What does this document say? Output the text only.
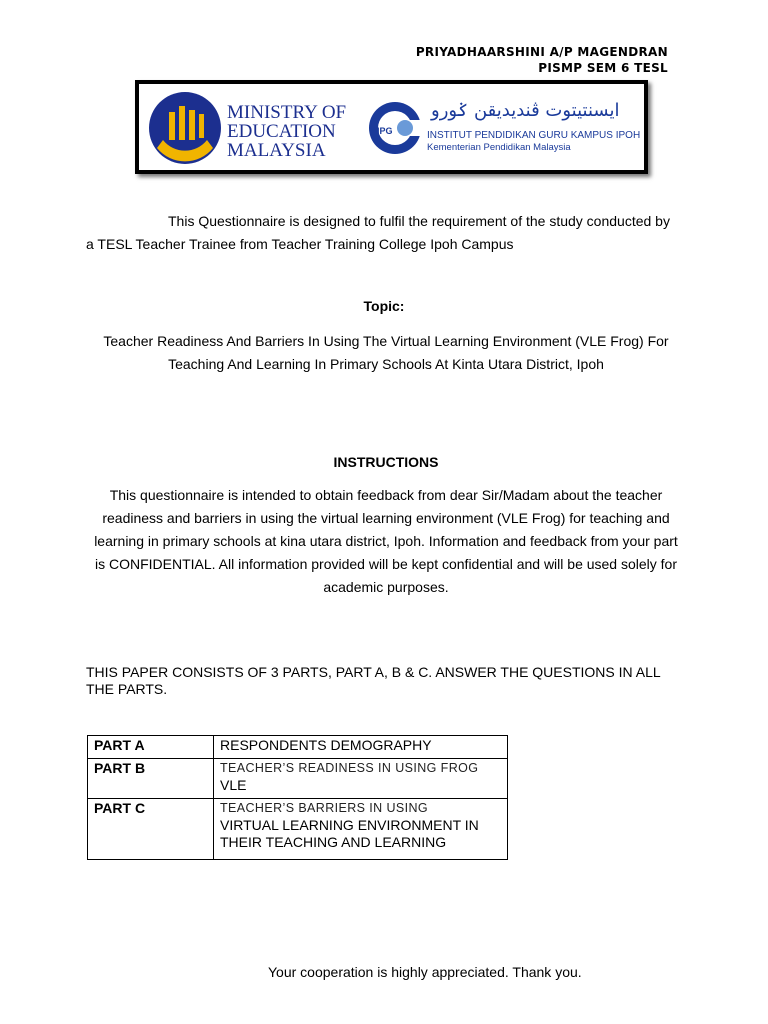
PRIYADHAARSHINI A/P MAGENDRAN
PISMP SEM 6 TESL
MINISTRY OF
EDUCATION
MALAYSIA
IPG
ايسنتيتوت ڤنديديقن ݢورو
INSTITUT PENDIDIKAN GURU KAMPUS IPOH
Kementerian Pendidikan Malaysia
This Questionnaire is designed to fulfil the requirement of the study conducted by
a TESL Teacher Trainee from Teacher Training College Ipoh Campus
Topic:
Teacher Readiness And Barriers In Using The Virtual Learning Environment (VLE Frog) For
Teaching And Learning In Primary Schools At Kinta Utara District, Ipoh
INSTRUCTIONS
This questionnaire is intended to obtain feedback from dear Sir/Madam about the teacher
readiness and barriers in using the virtual learning environment (VLE Frog) for teaching and
learning in primary schools at kina utara district, Ipoh. Information and feedback from your part
is CONFIDENTIAL. All information provided will be kept confidential and will be used solely for
academic purposes.
THIS PAPER CONSISTS OF 3 PARTS, PART A, B & C. ANSWER THE QUESTIONS IN ALL THE PARTS.
PART A	RESPONDENTS DEMOGRAPHY

PART B	TEACHER’S READINESS IN USING FROG
VLE

PART C	TEACHER’S BARRIERS IN USING
VIRTUAL LEARNING ENVIRONMENT IN
THEIR TEACHING AND LEARNING
Your cooperation is highly appreciated. Thank you.
